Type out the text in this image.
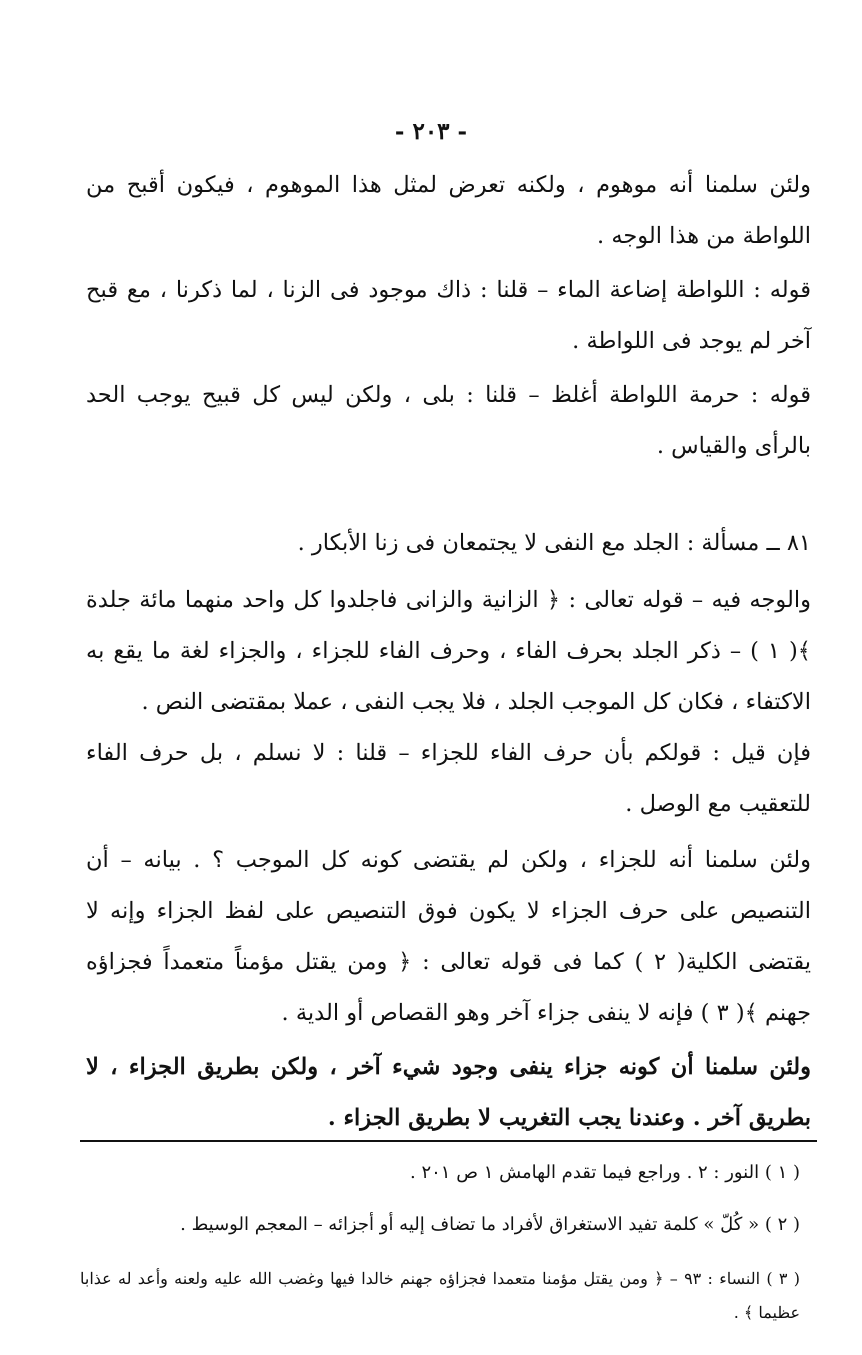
- ٢٠٣ -

ولئن سلمنا أنه موهوم ، ولكنه تعرض لمثل هذا الموهوم ، فيكون أقبح من اللواطة من هذا الوجه .

قوله : اللواطة إضاعة الماء – قلنا : ذاك موجود فى الزنا ، لما ذكرنا ، مع قبح آخر لم يوجد فى اللواطة .

قوله : حرمة اللواطة أغلظ – قلنا : بلى ، ولكن ليس كل قبيح يوجب الحد بالرأى والقياس .

٨١ ــ مسألة : الجلد مع النفى لا يجتمعان فى زنا الأبكار .

والوجه فيه – قوله تعالى : ﴿ الزانية والزانى فاجلدوا كل واحد منهما مائة جلدة ﴾( ١ ) – ذكر الجلد بحرف الفاء ، وحرف الفاء للجزاء ، والجزاء لغة ما يقع به الاكتفاء ، فكان كل الموجب الجلد ، فلا يجب النفى ، عملا بمقتضى النص .

فإن قيل : قولكم بأن حرف الفاء للجزاء – قلنا : لا نسلم ، بل حرف الفاء للتعقيب مع الوصل .

ولئن سلمنا أنه للجزاء ، ولكن لم يقتضى كونه كل الموجب ؟ . بيانه – أن التنصيص على حرف الجزاء لا يكون فوق التنصيص على لفظ الجزاء وإنه لا يقتضى الكلية( ٢ ) كما فى قوله تعالى : ﴿ ومن يقتل مؤمناً متعمداً فجزاؤه جهنم ﴾( ٣ ) فإنه لا ينفى جزاء آخر وهو القصاص أو الدية .

ولئن سلمنا أن كونه جزاء ينفى وجود شيء آخر ، ولكن بطريق الجزاء ، لا بطريق آخر . وعندنا يجب التغريب لا بطريق الجزاء .

( ١ ) النور : ٢ . وراجع فيما تقدم الهامش ١ ص ٢٠١ .

( ٢ ) « كُلّ » كلمة تفيد الاستغراق لأفراد ما تضاف إليه أو أجزائه – المعجم الوسيط .

( ٣ ) النساء : ٩٣ – ﴿ ومن يقتل مؤمنا متعمدا فجزاؤه جهنم خالدا فيها وغضب الله عليه ولعنه وأعد له عذابا عظيما ﴾ .
